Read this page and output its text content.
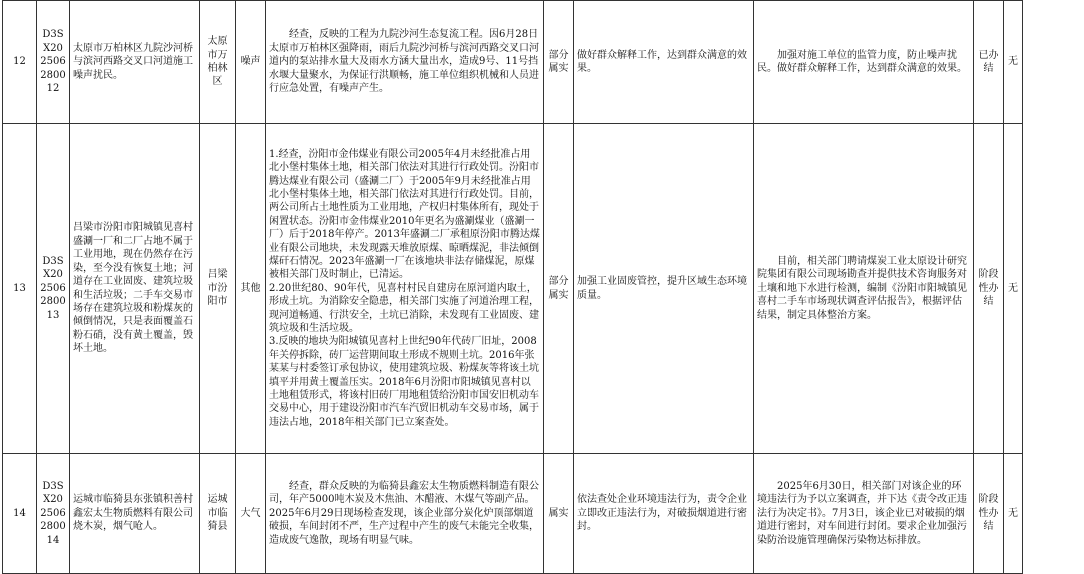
12	D3SX202506280012	太原市万柏林区九院沙河桥与滨河西路交叉口河道施工噪声扰民。	太原市万柏林区	噪声	经查，反映的工程为九院沙河生态复流工程。因6月28日太原市万柏林区强降雨，雨后九院沙河桥与滨河西路交叉口河道内的泵站排水量大及雨水方涵大量出水，造成9号、11号挡水堰大量聚水，为保证行洪顺畅，施工单位组织机械和人员进行应急处置，有噪声产生。	部分属实	做好群众解释工作，达到群众满意的效果。	加强对施工单位的监管力度，防止噪声扰民。做好群众解释工作，达到群众满意的效果。	已办结	无
13	D3SX202506280013	吕梁市汾阳市阳城镇见喜村盛涮一厂和二厂占地不属于工业用地，现在仍然存在污染，至今没有恢复土地；河道存在工业固废、建筑垃圾和生活垃圾；二手车交易市场存在建筑垃圾和粉煤灰的倾倒情况，只是表面覆盖石粉石硝，没有黄土覆盖，毁坏土地。	吕梁市汾阳市	其他	1.经查，汾阳市金伟煤业有限公司2005年4月未经批准占用北小堡村集体土地，相关部门依法对其进行行政处罚。汾阳市腾达煤业有限公司（盛涮二厂）于2005年9月未经批准占用北小堡村集体土地，相关部门依法对其进行行政处罚。目前，两公司所占土地性质为工业用地，产权归村集体所有，现处于闲置状态。汾阳市金伟煤业2010年更名为盛涮煤业（盛涮一厂）后于2018年停产。2013年盛涮二厂承租原汾阳市腾达煤业有限公司地块，未发现露天堆放原煤、晾晒煤泥，非法倾倒煤矸石情况。2023年盛涮一厂在该地块非法存储煤泥，原煤被相关部门及时制止，已清运。

2.20世纪80、90年代，见喜村村民自建房在原河道内取土，形成土坑。为消除安全隐患，相关部门实施了河道治理工程，现河道畅通、行洪安全，土坑已消除，未发现有工业固废、建筑垃圾和生活垃圾。

3.反映的地块为阳城镇见喜村上世纪90年代砖厂旧址，2008年关停拆除，砖厂运营期间取土形成不规则土坑。2016年张某某与村委签订承包协议，使用建筑垃圾、粉煤灰等将该土坑填平并用黄土覆盖压实。2018年6月汾阳市阳城镇见喜村以土地租赁形式，将该村旧砖厂用地租赁给汾阳市国安旧机动车交易中心，用于建设汾阳市汽车汽贸旧机动车交易市场，属于违法占地，2018年相关部门已立案查处。	部分属实	加强工业固废管控，提升区域生态环境质量。	目前，相关部门聘请煤炭工业太原设计研究院集团有限公司现场勘查并提供技术咨询服务对土壤和地下水进行检测，编制《汾阳市阳城镇见喜村二手车市场现状调查评估报告》，根据评估结果，制定具体整治方案。	阶段性办结	无
14	D3SX202506280014	运城市临猗县东张镇积善村鑫宏太生物质燃料有限公司烧木炭，烟气呛人。	运城市临猗县	大气	经查，群众反映的为临猗县鑫宏太生物质燃料制造有限公司，年产5000吨木炭及木焦油、木醋液、木煤气等副产品。2025年6月29日现场检查发现，该企业部分炭化炉顶部烟道破损，车间封闭不严，生产过程中产生的废气未能完全收集，造成废气逸散，现场有明显气味。	属实	依法查处企业环境违法行为，责令企业立即改正违法行为，对破损烟道进行密封。	2025年6月30日，相关部门对该企业的环境违法行为予以立案调查，并下达《责令改正违法行为决定书》。7月3日，该企业已对破损的烟道进行密封，对车间进行封闭。要求企业加强污染防治设施管理确保污染物达标排放。	阶段性办结	无
